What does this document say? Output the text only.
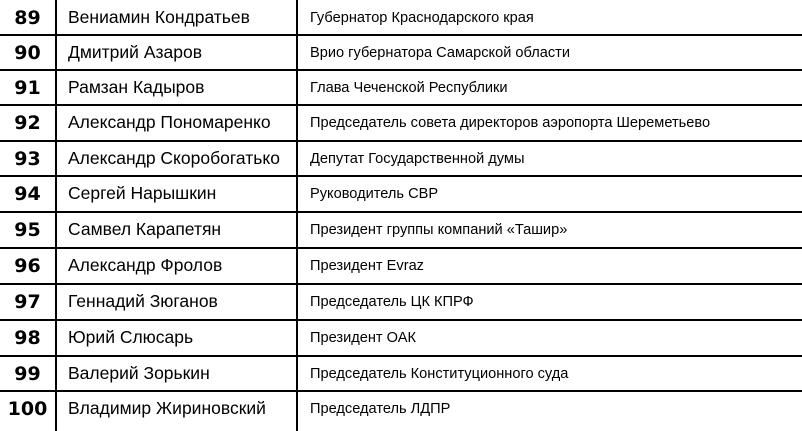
89	Вениамин Кондратьев	Губернатор Краснодарского края
90	Дмитрий Азаров	Врио губернатора Самарской области
91	Рамзан Кадыров	Глава Чеченской Республики
92	Александр Пономаренко	Председатель совета директоров аэропорта Шереметьево
93	Александр Скоробогатько	Депутат Государственной думы
94	Сергей Нарышкин	Руководитель СВР
95	Самвел Карапетян	Президент группы компаний «Ташир»
96	Александр Фролов	Президент Evraz
97	Геннадий Зюганов	Председатель ЦК КПРФ
98	Юрий Слюсарь	Президент ОАК
99	Валерий Зорькин	Председатель Конституционного суда
100	Владимир Жириновский	Председатель ЛДПР
